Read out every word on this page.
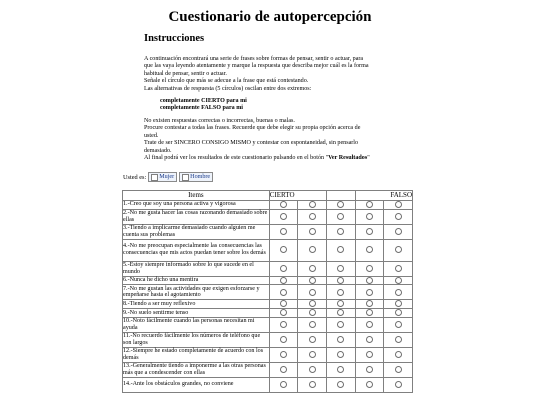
Cuestionario de autopercepción
Instrucciones
A continuación encontrará una serie de frases sobre formas de pensar, sentir o actuar, para
que las vaya leyendo atentamente y marque la respuesta que describa mejor cuál es la forma
habitual de pensar, sentir o actuar.
Señale el círculo que más se adecue a la frase que está contestando.
Las alternativas de respuesta (5 círculos) oscilan entre dos extremos:
completamente CIERTO para mi
completamente FALSO para mi
No existen respuestas correctas o incorrectas, buenas o malas.
Procure contestar a todas las frases. Recuerde que debe elegir su propia opción acerca de
usted.
Trate de ser SINCERO CONSIGO MISMO y contestar con espontaneidad, sin pensarlo
demasiado.
Al final podrá ver los resultados de este cuestionario pulsando en el botón "Ver Resultados"
Usted es: Mujer	Hombre
Items	CIERTO			FALSO	
1.-Creo que soy una persona activa y vigorosa					
2.-No me gusta hacer las cosas razonando demasiado sobre ellas					
3.-Tiendo a implicarme demasiado cuando alguien me cuenta sus problemas					
4.-No me preocupan especialmente las consecuencias las consecuencias que mis actos puedan tener sobre los demás					
5.-Estoy siempre informado sobre lo que sucede en el mundo					
6.-Nunca he dicho una mentira					
7.-No me gustan las actividades que exigen esforzarse y empeñarse hasta el agotamiento					
8.-Tiendo a ser muy reflexivo					
9.-No suelo sentirme tenso					
10.-Noto fácilmente cuando las personas necesitan mi ayuda					
11.-No recuerdo fácilmente los números de teléfono que son largos					
12.-Siempre he estado completamente de acuerdo con los demás					
13.-Generalmente tiendo a imponerme a las otras personas más que a condescender con ellas					
14.-Ante los obstáculos grandes, no conviene					
